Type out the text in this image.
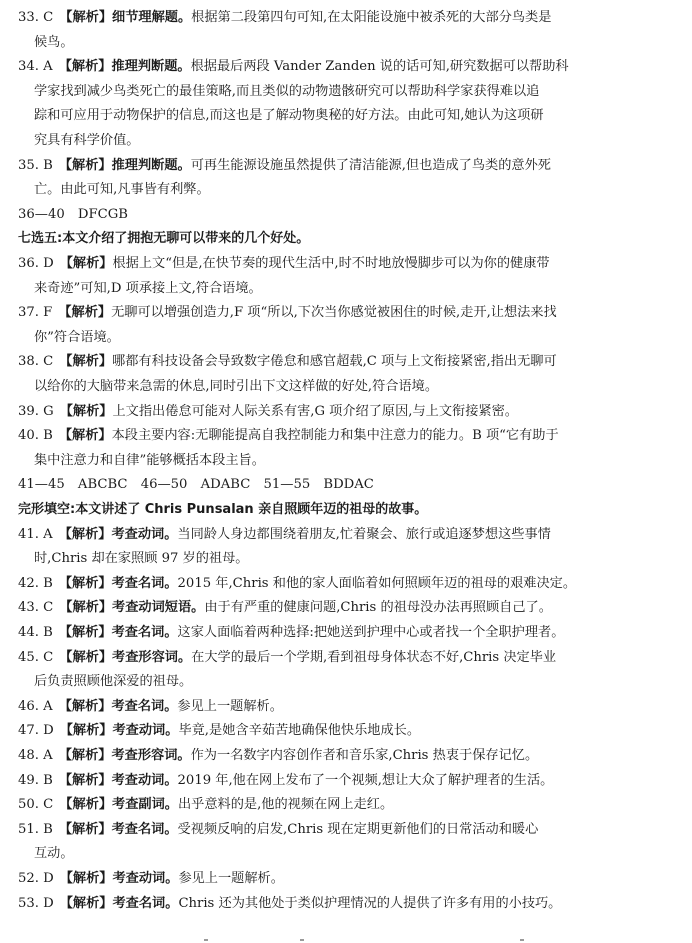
33. C 【解析】细节理解题。根据第二段第四句可知,在太阳能设施中被杀死的大部分鸟类是
候鸟。
34. A 【解析】推理判断题。根据最后两段 Vander Zanden 说的话可知,研究数据可以帮助科
学家找到减少鸟类死亡的最佳策略,而且类似的动物遗骸研究可以帮助科学家获得难以追
踪和可应用于动物保护的信息,而这也是了解动物奥秘的好方法。由此可知,她认为这项研
究具有科学价值。
35. B 【解析】推理判断题。可再生能源设施虽然提供了清洁能源,但也造成了鸟类的意外死
亡。由此可知,凡事皆有利弊。
36—40　DFCGB
七选五:本文介绍了拥抱无聊可以带来的几个好处。
36. D 【解析】根据上文“但是,在快节奏的现代生活中,时不时地放慢脚步可以为你的健康带
来奇迹”可知,D 项承接上文,符合语境。
37. F 【解析】无聊可以增强创造力,F 项“所以,下次当你感觉被困住的时候,走开,让想法来找
你”符合语境。
38. C 【解析】哪都有科技设备会导致数字倦怠和感官超载,C 项与上文衔接紧密,指出无聊可
以给你的大脑带来急需的休息,同时引出下文这样做的好处,符合语境。
39. G 【解析】上文指出倦怠可能对人际关系有害,G 项介绍了原因,与上文衔接紧密。
40. B 【解析】本段主要内容:无聊能提高自我控制能力和集中注意力的能力。B 项“它有助于
集中注意力和自律”能够概括本段主旨。
41—45　ABCBC　46—50　ADABC　51—55　BDDAC
完形填空:本文讲述了 Chris Punsalan 亲自照顾年迈的祖母的故事。
41. A 【解析】考查动词。当同龄人身边都围绕着朋友,忙着聚会、旅行或追逐梦想这些事情
时,Chris 却在家照顾 97 岁的祖母。
42. B 【解析】考查名词。2015 年,Chris 和他的家人面临着如何照顾年迈的祖母的艰难决定。
43. C 【解析】考查动词短语。由于有严重的健康问题,Chris 的祖母没办法再照顾自己了。
44. B 【解析】考查名词。这家人面临着两种选择:把她送到护理中心或者找一个全职护理者。
45. C 【解析】考查形容词。在大学的最后一个学期,看到祖母身体状态不好,Chris 决定毕业
后负责照顾他深爱的祖母。
46. A 【解析】考查名词。参见上一题解析。
47. D 【解析】考查动词。毕竟,是她含辛茹苦地确保他快乐地成长。
48. A 【解析】考查形容词。作为一名数字内容创作者和音乐家,Chris 热衷于保存记忆。
49. B 【解析】考查动词。2019 年,他在网上发布了一个视频,想让大众了解护理者的生活。
50. C 【解析】考查副词。出乎意料的是,他的视频在网上走红。
51. B 【解析】考查名词。受视频反响的启发,Chris 现在定期更新他们的日常活动和暖心
互动。
52. D 【解析】考查动词。参见上一题解析。
53. D 【解析】考查名词。Chris 还为其他处于类似护理情况的人提供了许多有用的小技巧。
